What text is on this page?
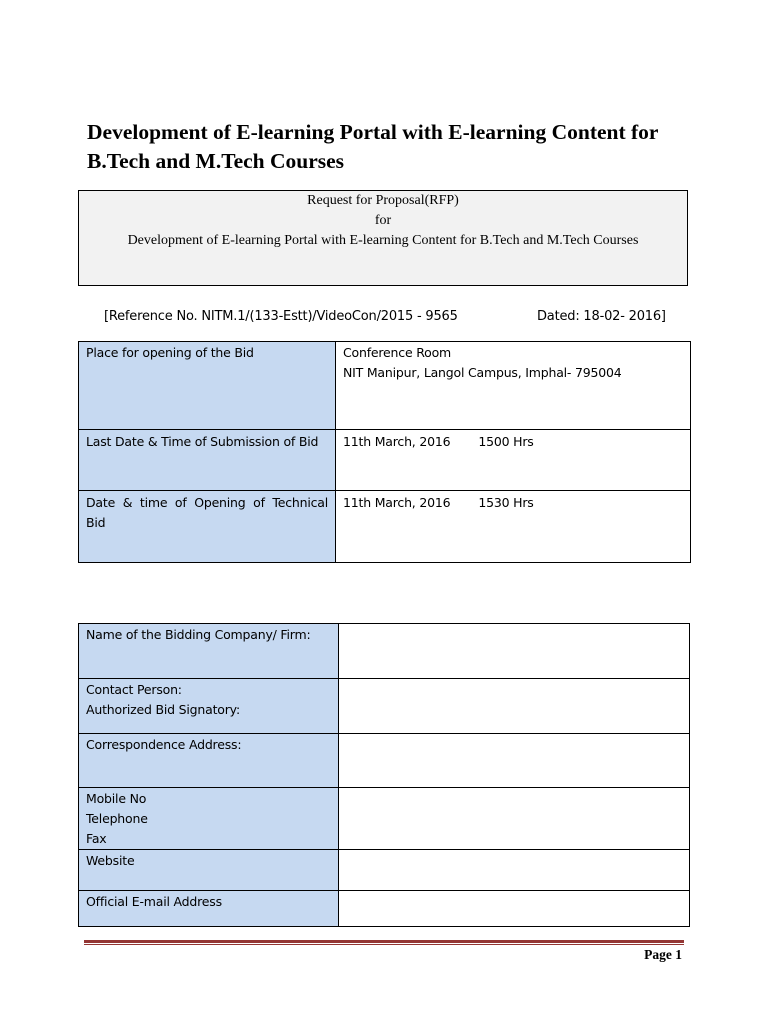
Development of E-learning Portal with E-learning Content for B.Tech and M.Tech Courses
Request for Proposal(RFP)
for
Development of E-learning Portal with E-learning Content for B.Tech and M.Tech Courses
[Reference No. NITM.1/(133-Estt)/VideoCon/2015 - 9565	Dated: 18-02- 2016]
Place for opening of the Bid	Conference Room
NIT Manipur, Langol Campus, Imphal- 795004

Last Date & Time of Submission of Bid	11th March, 2016 1500 Hrs

Date & time of Opening of Technical Bid	11th March, 2016 1530 Hrs
Name of the Bidding Company/ Firm:	

Contact Person:
Authorized Bid Signatory:	

Correspondence Address:	

Mobile No
Telephone
Fax	

Website	

Official E-mail Address	

Page 1
